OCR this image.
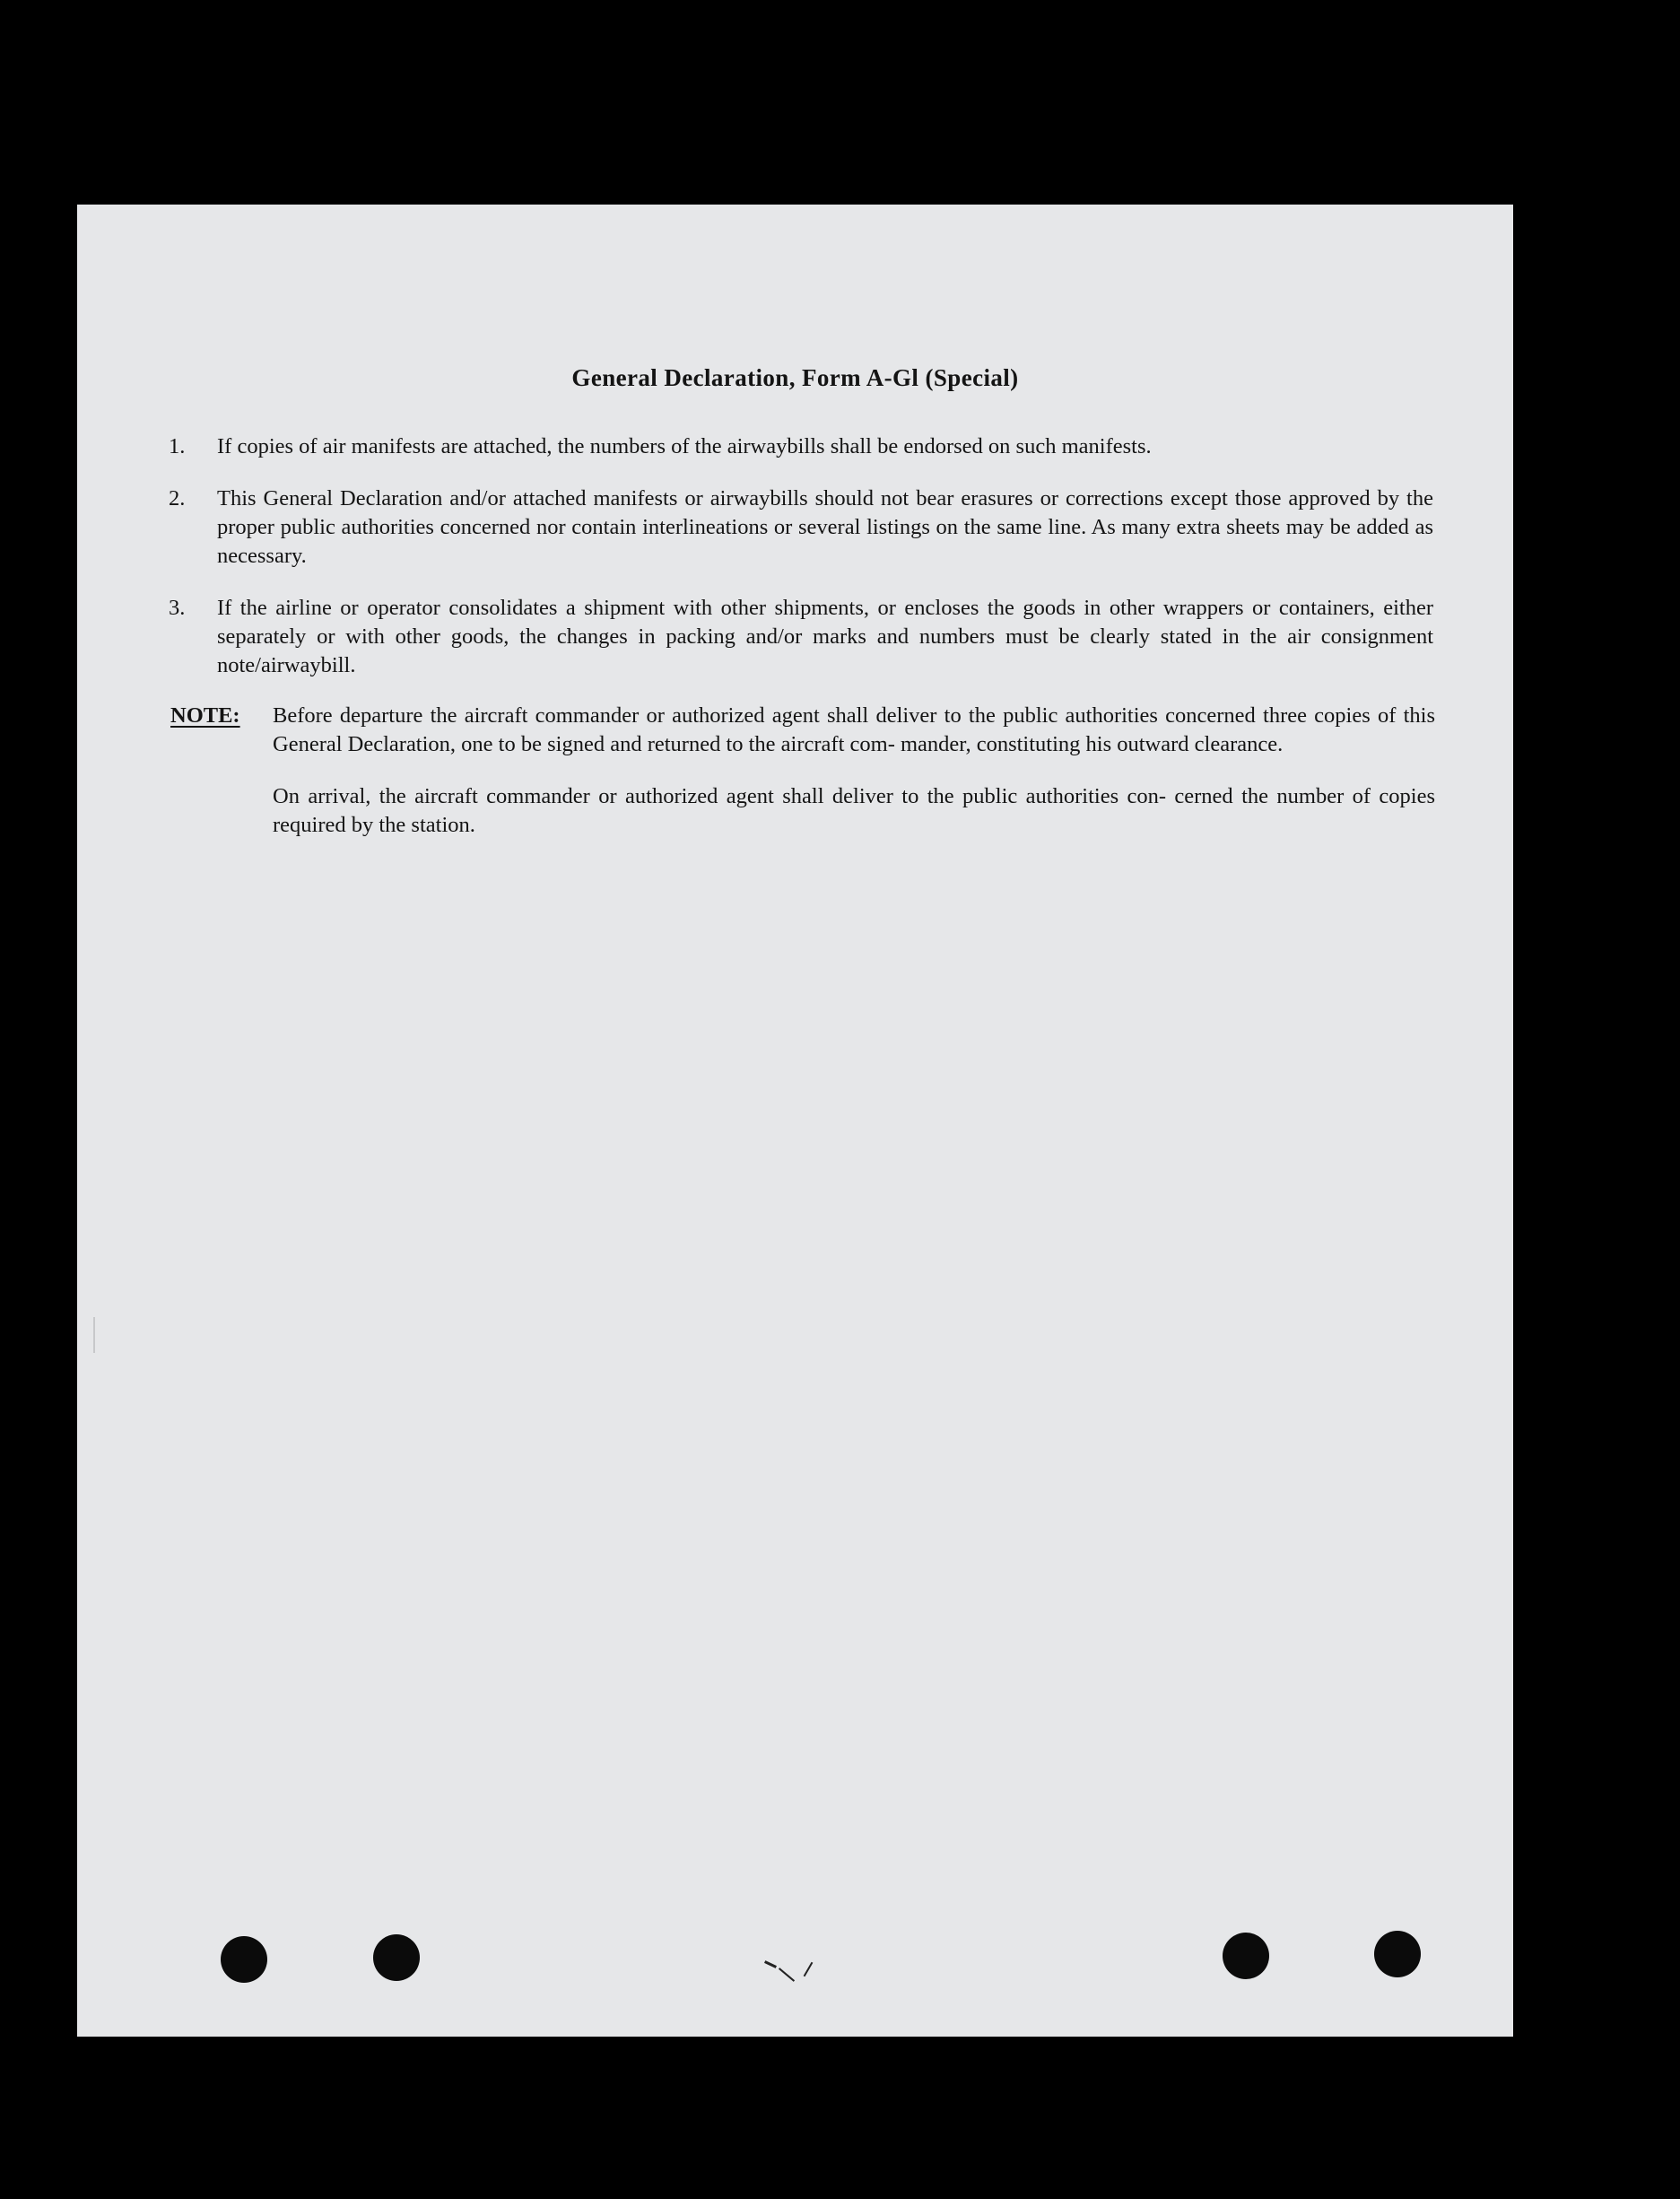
General Declaration, Form A-Gl (Special)
1.	If copies of air manifests are attached, the numbers of the airwaybills shall be endorsed on such manifests.
2.	This General Declaration and/or attached manifests or airwaybills should not bear erasures or corrections except those approved by the proper public authorities concerned nor contain interlineations or several listings on the same line. As many extra sheets may be added as necessary.
3.	If the airline or operator consolidates a shipment with other shipments, or encloses the goods in other wrappers or containers, either separately or with other goods, the changes in packing and/or marks and numbers must be clearly stated in the air consignment note/airwaybill.
NOTE: Before departure the aircraft commander or authorized agent shall deliver to the public authorities concerned three copies of this General Declaration, one to be signed and returned to the aircraft com- mander, constituting his outward clearance.
On arrival, the aircraft commander or authorized agent shall deliver to the public authorities con- cerned the number of copies required by the station.
